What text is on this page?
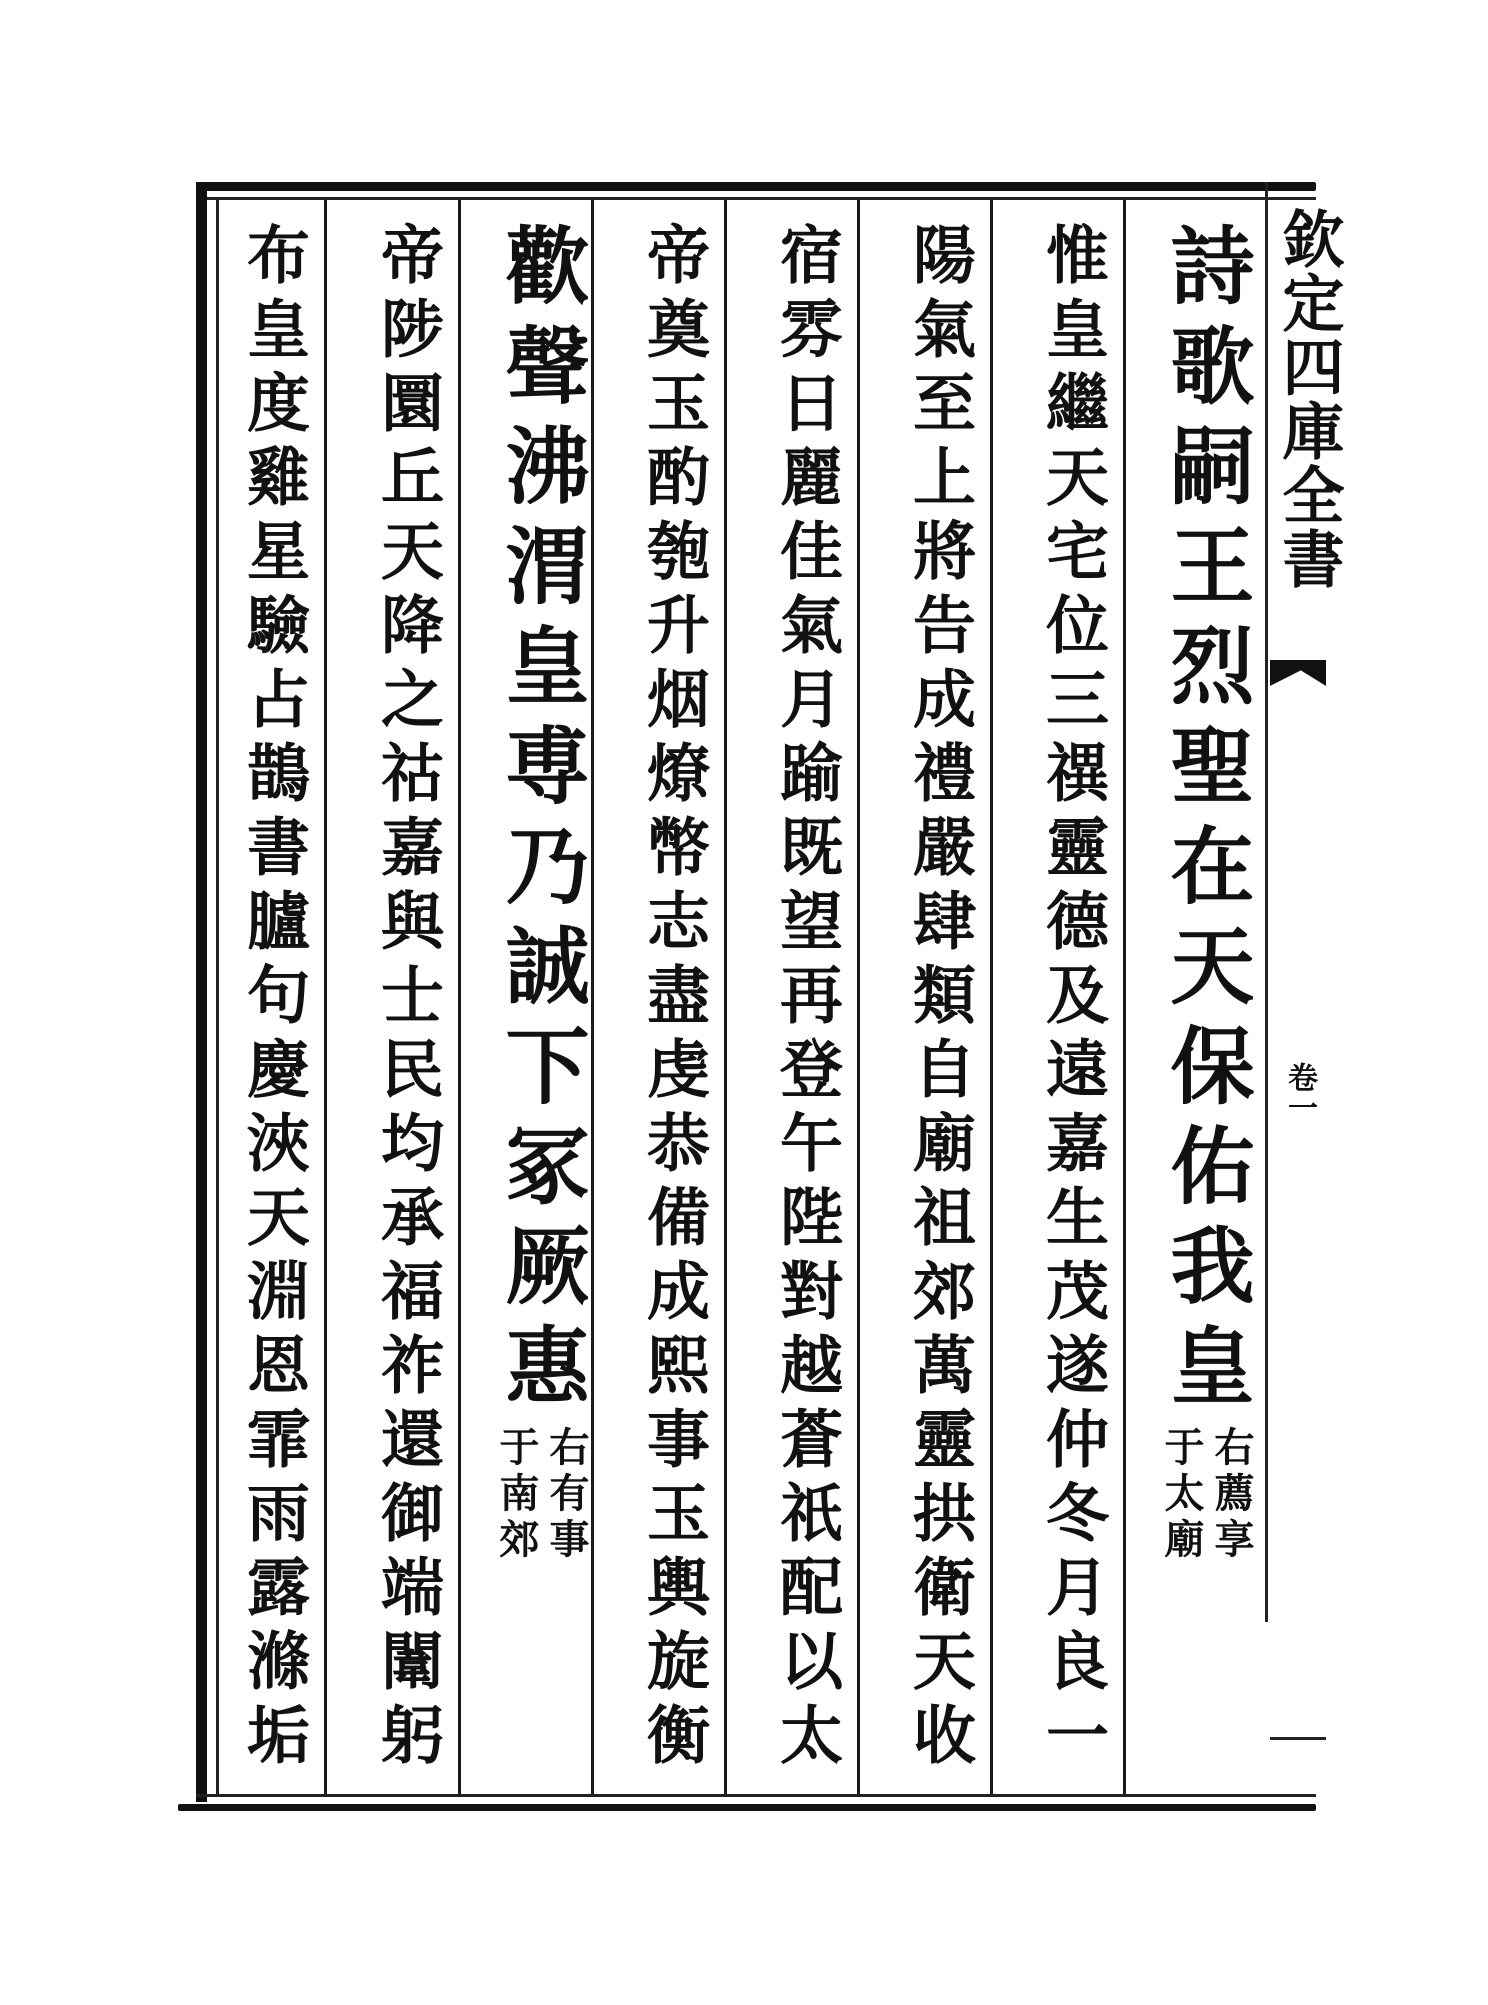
詩歌嗣王烈聖在天保佑我皇
右薦享
于太廟
惟皇繼天宅位三禩靈德及遠嘉生茂遂仲冬月良一
陽氣至上將告成禮嚴肆類自廟祖郊萬靈拱衛天收
宿雰日麗佳氣月踰既望再登午陛對越蒼祇配以太
帝奠玉酌匏升烟燎幣志盡虔恭備成熙事玉輿旋衡
歡聲沸渭皇尃乃誠下冢厥惠
右有事
于南郊
帝陟圜丘天降之祜嘉與士民均承福祚還御端闈躬
布皇度雞星驗占鵲書臚句慶浹天淵恩霏雨露滌垢	欽定四庫全書
卷一
